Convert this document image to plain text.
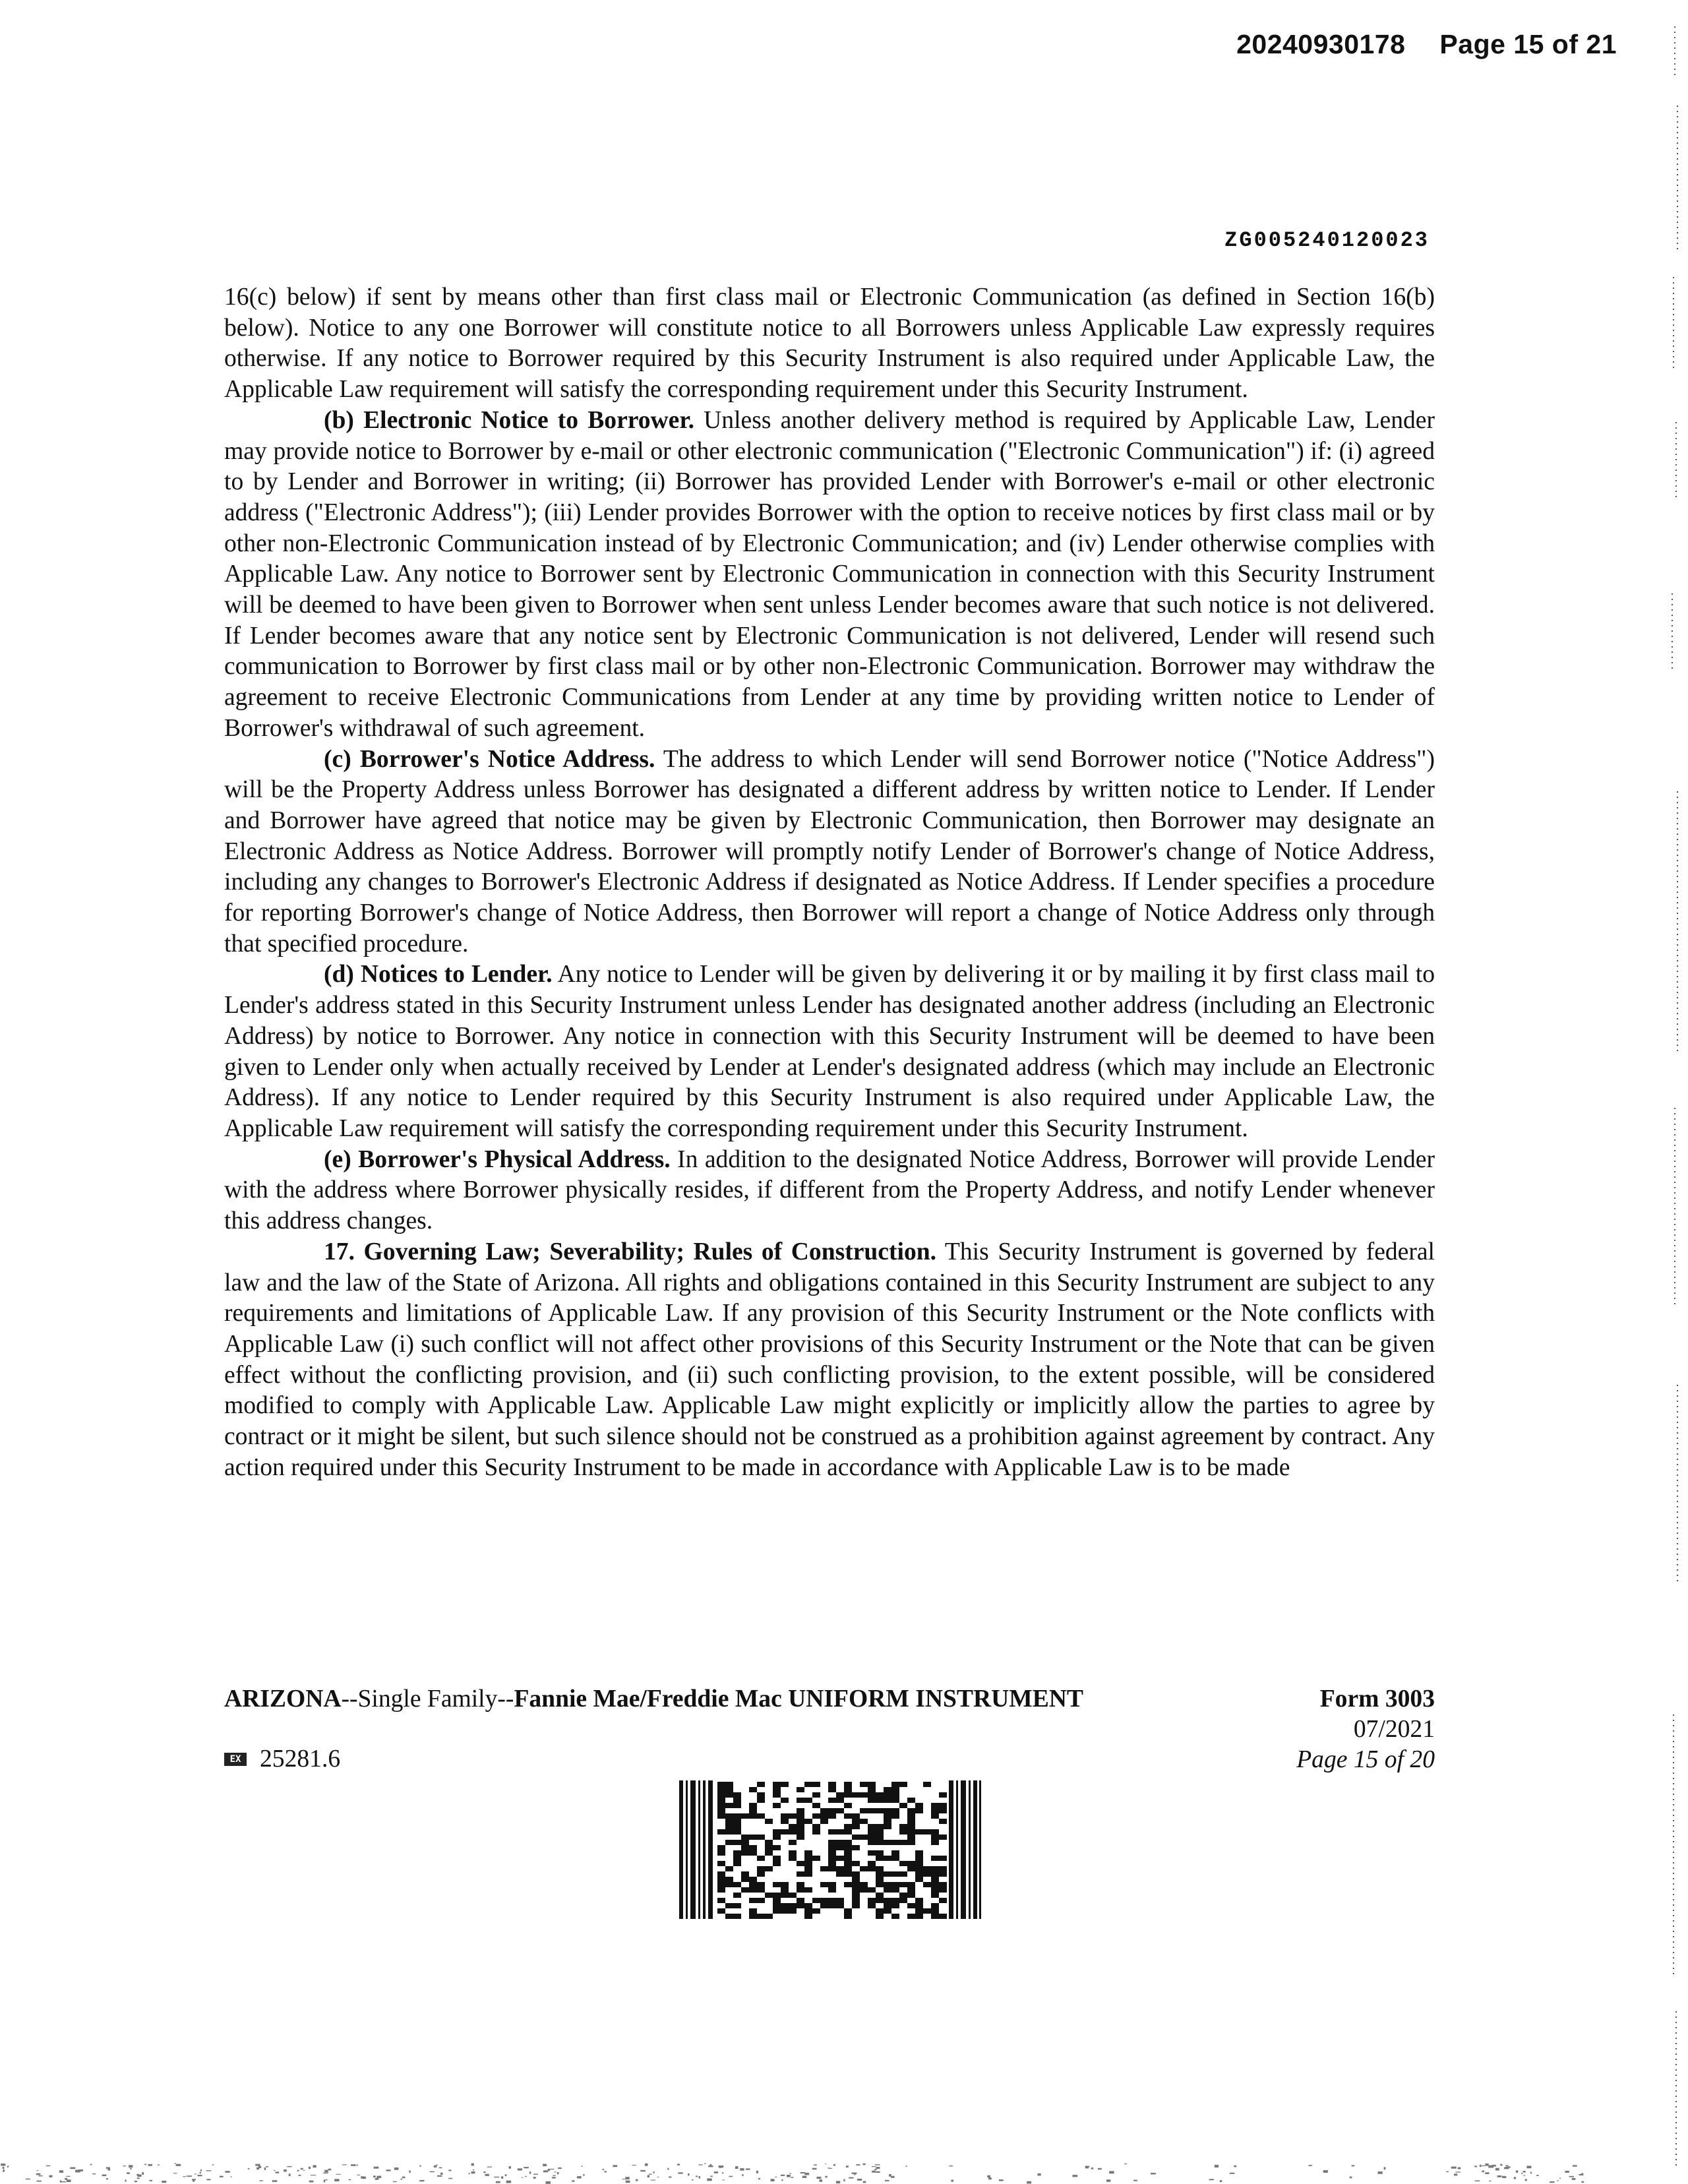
20240930178 Page 15 of 21
ZG005240120023

16(c) below) if sent by means other than first class mail or Electronic Communication (as defined in Section 16(b) below). Notice to any one Borrower will constitute notice to all Borrowers unless Applicable Law expressly requires otherwise. If any notice to Borrower required by this Security Instrument is also required under Applicable Law, the Applicable Law requirement will satisfy the corresponding requirement under this Security Instrument.

(b) Electronic Notice to Borrower. Unless another delivery method is required by Applicable Law, Lender may provide notice to Borrower by e-mail or other electronic communication ("Electronic Communication") if: (i) agreed to by Lender and Borrower in writing; (ii) Borrower has provided Lender with Borrower's e-mail or other electronic address ("Electronic Address"); (iii) Lender provides Borrower with the option to receive notices by first class mail or by other non-Electronic Communication instead of by Electronic Communication; and (iv) Lender otherwise complies with Applicable Law. Any notice to Borrower sent by Electronic Communication in connection with this Security Instrument will be deemed to have been given to Borrower when sent unless Lender becomes aware that such notice is not delivered. If Lender becomes aware that any notice sent by Electronic Communication is not delivered, Lender will resend such communication to Borrower by first class mail or by other non-Electronic Communication. Borrower may withdraw the agreement to receive Electronic Communications from Lender at any time by providing written notice to Lender of Borrower's withdrawal of such agreement.

(c) Borrower's Notice Address. The address to which Lender will send Borrower notice ("Notice Address") will be the Property Address unless Borrower has designated a different address by written notice to Lender. If Lender and Borrower have agreed that notice may be given by Electronic Communication, then Borrower may designate an Electronic Address as Notice Address. Borrower will promptly notify Lender of Borrower's change of Notice Address, including any changes to Borrower's Electronic Address if designated as Notice Address. If Lender specifies a procedure for reporting Borrower's change of Notice Address, then Borrower will report a change of Notice Address only through that specified procedure.

(d) Notices to Lender. Any notice to Lender will be given by delivering it or by mailing it by first class mail to Lender's address stated in this Security Instrument unless Lender has designated another address (including an Electronic Address) by notice to Borrower. Any notice in connection with this Security Instrument will be deemed to have been given to Lender only when actually received by Lender at Lender's designated address (which may include an Electronic Address). If any notice to Lender required by this Security Instrument is also required under Applicable Law, the Applicable Law requirement will satisfy the corresponding requirement under this Security Instrument.

(e) Borrower's Physical Address. In addition to the designated Notice Address, Borrower will provide Lender with the address where Borrower physically resides, if different from the Property Address, and notify Lender whenever this address changes.

17. Governing Law; Severability; Rules of Construction. This Security Instrument is governed by federal law and the law of the State of Arizona. All rights and obligations contained in this Security Instrument are subject to any requirements and limitations of Applicable Law. If any provision of this Security Instrument or the Note conflicts with Applicable Law (i) such conflict will not affect other provisions of this Security Instrument or the Note that can be given effect without the conflicting provision, and (ii) such conflicting provision, to the extent possible, will be considered modified to comply with Applicable Law. Applicable Law might explicitly or implicitly allow the parties to agree by contract or it might be silent, but such silence should not be construed as a prohibition against agreement by contract. Any action required under this Security Instrument to be made in accordance with Applicable Law is to be made

ARIZONA--Single Family--Fannie Mae/Freddie Mac UNIFORM INSTRUMENT	Form 3003
07/2021
Page 15 of 20
EX 25281.6
